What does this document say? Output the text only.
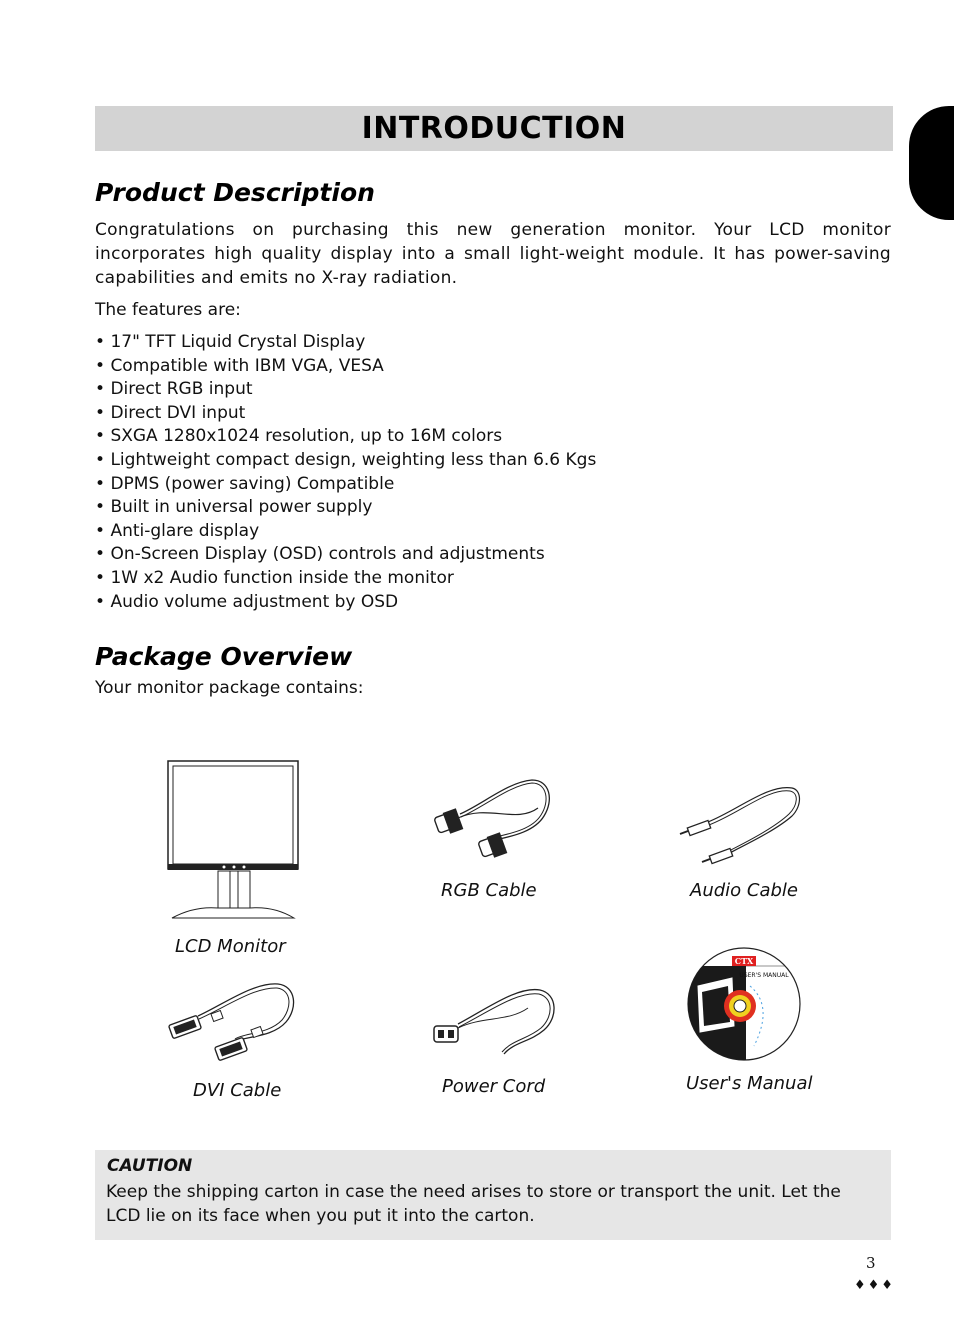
INTRODUCTION
Product Description

Congratulations on purchasing this new generation monitor. Your LCD monitor incorporates high quality display into a small light-weight module. It has power-saving capabilities and emits no X-ray radiation.

The features are:

• 17" TFT Liquid Crystal Display
• Compatible with IBM VGA, VESA
• Direct RGB input
• Direct DVI input
• SXGA 1280x1024 resolution, up to 16M colors
• Lightweight compact design, weighting less than 6.6 Kgs
• DPMS (power saving) Compatible
• Built in universal power supply
• Anti-glare display
• On-Screen Display (OSD) controls and adjustments
• 1W x2 Audio function inside the monitor
• Audio volume adjustment by OSD
Package Overview

Your monitor package contains:

LCD Monitor
RGB Cable	Audio Cable
DVI Cable	Power Cord
CTX
USER'S MANUAL
User's Manual

CAUTION

Keep the shipping carton in case the need arises to store or transport the unit. Let the LCD lie on its face when you put it into the carton.

3
♦♦♦
